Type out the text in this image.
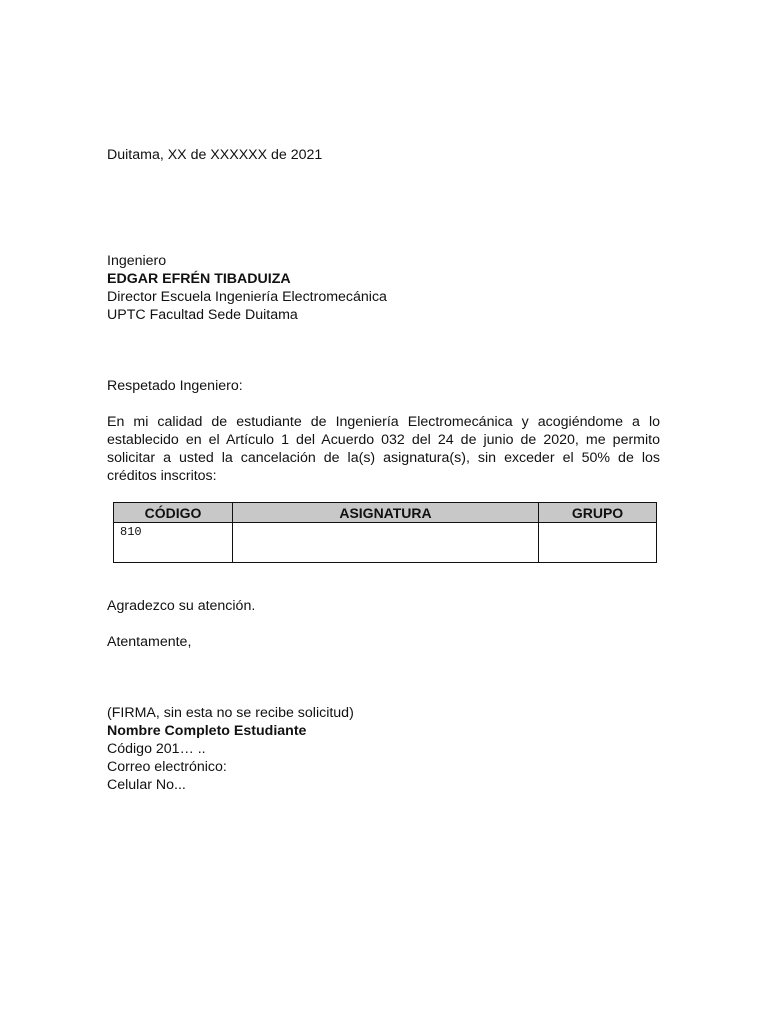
Duitama, XX de XXXXXX de 2021
Ingeniero
EDGAR EFRÉN TIBADUIZA
Director Escuela Ingeniería Electromecánica
UPTC Facultad Sede Duitama
Respetado Ingeniero:
En mi calidad de estudiante de Ingeniería Electromecánica y acogiéndome a lo establecido en el Artículo 1 del Acuerdo 032 del 24 de junio de 2020, me permito solicitar a usted la cancelación de la(s) asignatura(s), sin exceder el 50% de los créditos inscritos:
CÓDIGO	ASIGNATURA	GRUPO
810		
Agradezco su atención.
Atentamente,
(FIRMA, sin esta no se recibe solicitud)
Nombre Completo Estudiante
Código 201… ..
Correo electrónico:
Celular No...
